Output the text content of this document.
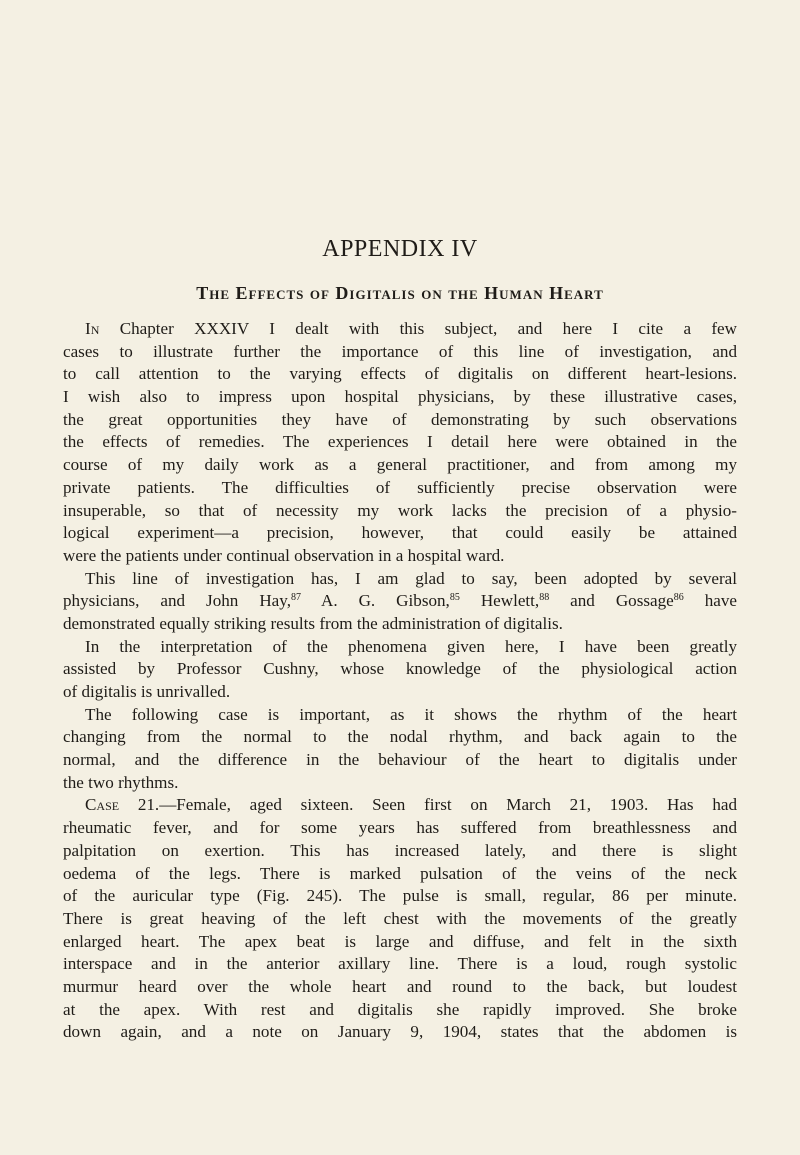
APPENDIX IV
The Effects of Digitalis on the Human Heart
In Chapter XXXIV I dealt with this subject, and here I cite a few
cases to illustrate further the importance of this line of investigation, and
to call attention to the varying effects of digitalis on different heart-lesions.
I wish also to impress upon hospital physicians, by these illustrative cases,
the great opportunities they have of demonstrating by such observations
the effects of remedies. The experiences I detail here were obtained in the
course of my daily work as a general practitioner, and from among my
private patients. The difficulties of sufficiently precise observation were
insuperable, so that of necessity my work lacks the precision of a physio-
logical experiment—a precision, however, that could easily be attained
were the patients under continual observation in a hospital ward.
This line of investigation has, I am glad to say, been adopted by several
physicians, and John Hay,$^{87}$ A. G. Gibson,$^{85}$ Hewlett,$^{88}$ and Gossage$^{86}$ have
demonstrated equally striking results from the administration of digitalis.
In the interpretation of the phenomena given here, I have been greatly
assisted by Professor Cushny, whose knowledge of the physiological action
of digitalis is unrivalled.
The following case is important, as it shows the rhythm of the heart
changing from the normal to the nodal rhythm, and back again to the
normal, and the difference in the behaviour of the heart to digitalis under
the two rhythms.
Case 21.—Female, aged sixteen. Seen first on March 21, 1903. Has had
rheumatic fever, and for some years has suffered from breathlessness and
palpitation on exertion. This has increased lately, and there is slight
oedema of the legs. There is marked pulsation of the veins of the neck
of the auricular type (Fig. 245). The pulse is small, regular, 86 per minute.
There is great heaving of the left chest with the movements of the greatly
enlarged heart. The apex beat is large and diffuse, and felt in the sixth
interspace and in the anterior axillary line. There is a loud, rough systolic
murmur heard over the whole heart and round to the back, but loudest
at the apex. With rest and digitalis she rapidly improved. She broke
down again, and a note on January 9, 1904, states that the abdomen is
